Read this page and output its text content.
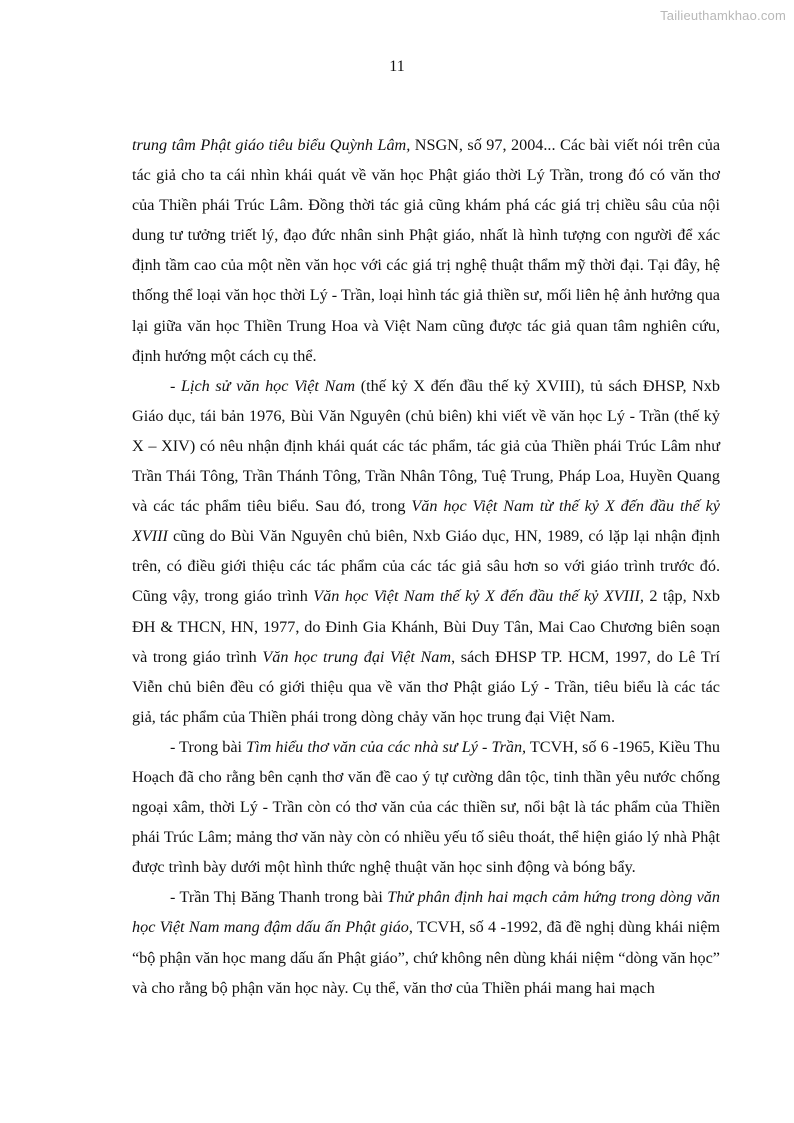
Tailieuthamkhao.com
11

trung tâm Phật giáo tiêu biểu Quỳnh Lâm, NSGN, số 97, 2004... Các bài viết nói trên của tác giả cho ta cái nhìn khái quát về văn học Phật giáo thời Lý Trần, trong đó có văn thơ của Thiền phái Trúc Lâm. Đồng thời tác giả cũng khám phá các giá trị chiều sâu của nội dung tư tưởng triết lý, đạo đức nhân sinh Phật giáo, nhất là hình tượng con người để xác định tầm cao của một nền văn học với các giá trị nghệ thuật thẩm mỹ thời đại. Tại đây, hệ thống thể loại văn học thời Lý - Trần, loại hình tác giả thiền sư, mối liên hệ ảnh hưởng qua lại giữa văn học Thiền Trung Hoa và Việt Nam cũng được tác giả quan tâm nghiên cứu, định hướng một cách cụ thể.

- Lịch sử văn học Việt Nam (thế kỷ X đến đầu thế kỷ XVIII), tủ sách ĐHSP, Nxb Giáo dục, tái bản 1976, Bùi Văn Nguyên (chủ biên) khi viết về văn học Lý - Trần (thế kỷ X – XIV) có nêu nhận định khái quát các tác phẩm, tác giả của Thiền phái Trúc Lâm như Trần Thái Tông, Trần Thánh Tông, Trần Nhân Tông, Tuệ Trung, Pháp Loa, Huyền Quang và các tác phẩm tiêu biểu. Sau đó, trong Văn học Việt Nam từ thế kỷ X đến đầu thế kỷ XVIII cũng do Bùi Văn Nguyên chủ biên, Nxb Giáo dục, HN, 1989, có lặp lại nhận định trên, có điều giới thiệu các tác phẩm của các tác giả sâu hơn so với giáo trình trước đó. Cũng vậy, trong giáo trình Văn học Việt Nam thế kỷ X đến đầu thế kỷ XVIII, 2 tập, Nxb ĐH & THCN, HN, 1977, do Đinh Gia Khánh, Bùi Duy Tân, Mai Cao Chương biên soạn và trong giáo trình Văn học trung đại Việt Nam, sách ĐHSP TP. HCM, 1997, do Lê Trí Viễn chủ biên đều có giới thiệu qua về văn thơ Phật giáo Lý - Trần, tiêu biểu là các tác giả, tác phẩm của Thiền phái trong dòng chảy văn học trung đại Việt Nam.

- Trong bài Tìm hiểu thơ văn của các nhà sư Lý - Trần, TCVH, số 6 -1965, Kiều Thu Hoạch đã cho rằng bên cạnh thơ văn đề cao ý tự cường dân tộc, tinh thần yêu nước chống ngoại xâm, thời Lý - Trần còn có thơ văn của các thiền sư, nổi bật là tác phẩm của Thiền phái Trúc Lâm; mảng thơ văn này còn có nhiều yếu tố siêu thoát, thể hiện giáo lý nhà Phật được trình bày dưới một hình thức nghệ thuật văn học sinh động và bóng bẩy.

- Trần Thị Băng Thanh trong bài Thử phân định hai mạch cảm hứng trong dòng văn học Việt Nam mang đậm dấu ấn Phật giáo, TCVH, số 4 -1992, đã đề nghị dùng khái niệm “bộ phận văn học mang dấu ấn Phật giáo”, chứ không nên dùng khái niệm “dòng văn học” và cho rằng bộ phận văn học này. Cụ thể, văn thơ của Thiền phái mang hai mạch
